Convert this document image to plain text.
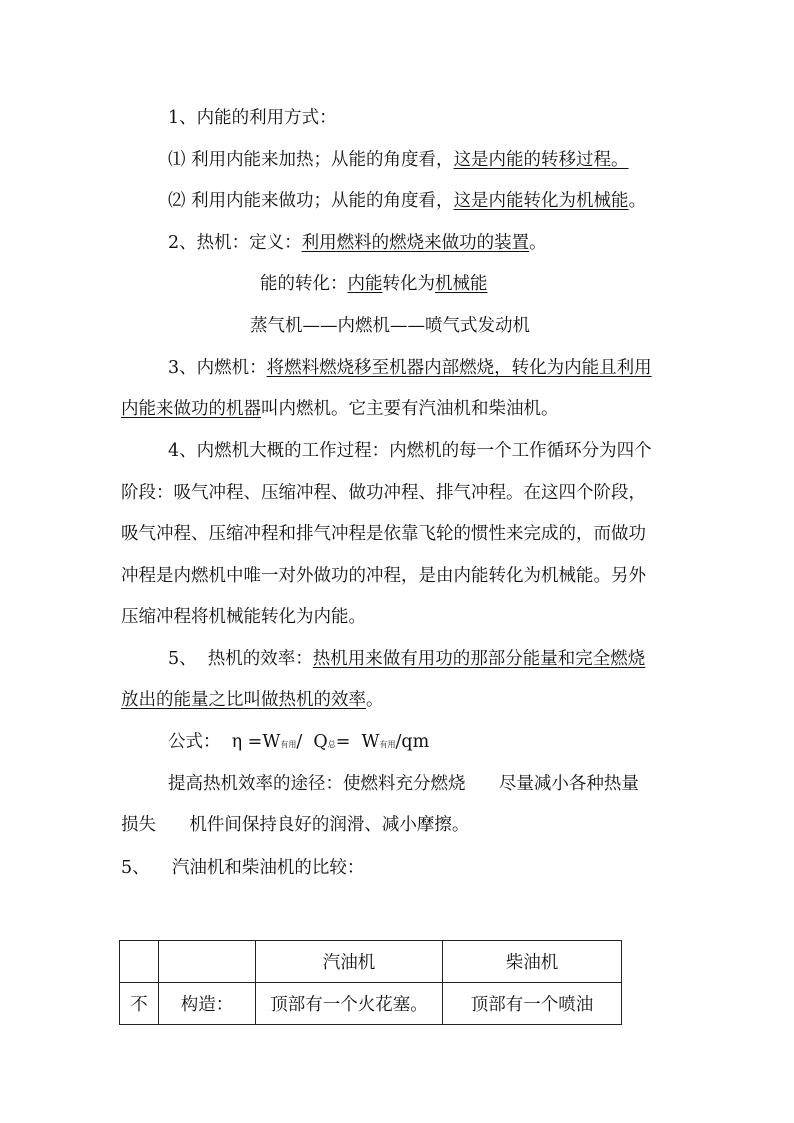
1、内能的利用方式：
⑴ 利用内能来加热；从能的角度看，这是内能的转移过程。
⑵ 利用内能来做功；从能的角度看，这是内能转化为机械能。
2、热机：定义：利用燃料的燃烧来做功的装置。
能的转化：内能转化为机械能
蒸气机——内燃机——喷气式发动机
3、内燃机：将燃料燃烧移至机器内部燃烧，转化为内能且利用
内能来做功的机器叫内燃机。它主要有汽油机和柴油机。
4、内燃机大概的工作过程：内燃机的每一个工作循环分为四个
阶段：吸气冲程、压缩冲程、做功冲程、排气冲程。在这四个阶段，
吸气冲程、压缩冲程和排气冲程是依靠飞轮的惯性来完成的，而做功
冲程是内燃机中唯一对外做功的冲程，是由内能转化为机械能。另外
压缩冲程将机械能转化为内能。
5、  热机的效率：热机用来做有用功的那部分能量和完全燃烧
放出的能量之比叫做热机的效率。
公式：  η =W有用/  Q总=  W有用/qm
提高热机效率的途径：使燃料充分燃烧      尽量减小各种热量
损失      机件间保持良好的润滑、减小摩擦。
5、    汽油机和柴油机的比较：
		汽油机	柴油机
不	构造：	顶部有一个火花塞。	顶部有一个喷油
